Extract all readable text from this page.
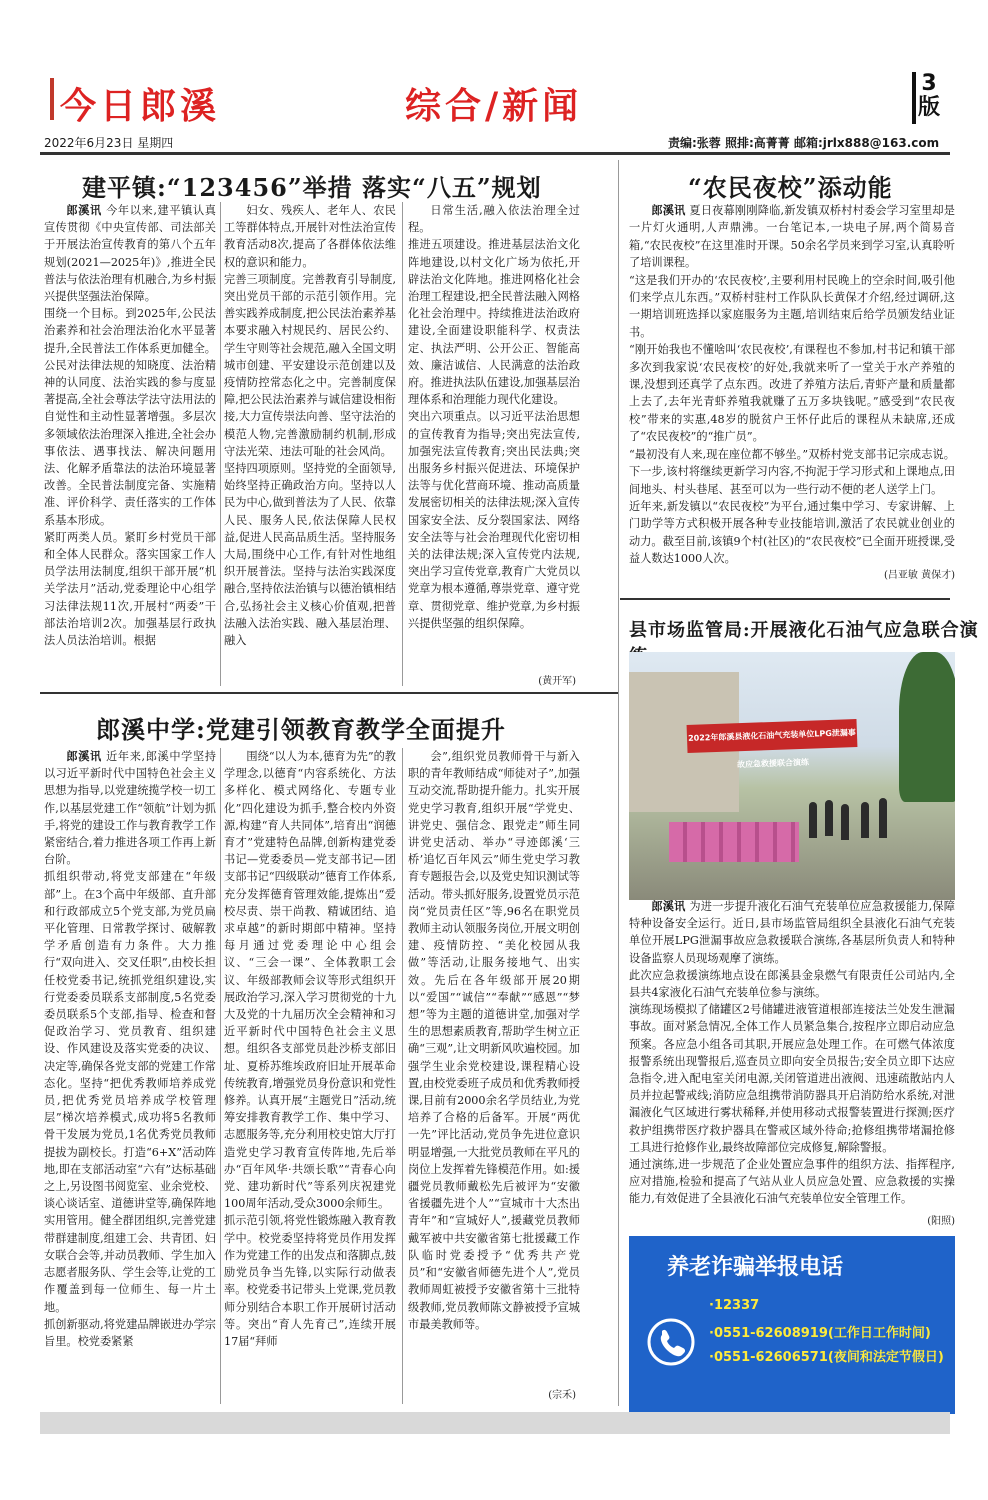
今日郎溪	综合/新闻
3
版
2022年6月23日 星期四	责编:张蓉 照排:高菁菁 邮箱:jrlx888@163.com
建平镇:“123456”举措 落实“八五”规划
郎溪讯 今年以来,建平镇认真宣传贯彻《中央宣传部、司法部关于开展法治宣传教育的第八个五年规划(2021—2025年)》,推进全民普法与依法治理有机融合,为乡村振兴提供坚强法治保障。
围绕一个目标。到2025年,公民法治素养和社会治理法治化水平显著提升,全民普法工作体系更加健全。公民对法律法规的知晓度、法治精神的认同度、法治实践的参与度显著提高,全社会尊法学法守法用法的自觉性和主动性显著增强。多层次多领域依法治理深入推进,全社会办事依法、遇事找法、解决问题用法、化解矛盾靠法的法治环境显著改善。全民普法制度完备、实施精准、评价科学、责任落实的工作体系基本形成。
紧盯两类人员。紧盯乡村党员干部和全体人民群众。落实国家工作人员学法用法制度,组织干部开展“机关学法月”活动,党委理论中心组学习法律法规11次,开展村“两委”干部法治培训2次。加强基层行政执法人员法治培训。根据
妇女、残疾人、老年人、农民工等群体特点,开展针对性法治宣传教育活动8次,提高了各群体依法维权的意识和能力。
完善三项制度。完善教育引导制度,突出党员干部的示范引领作用。完善实践养成制度,把公民法治素养基本要求融入村规民约、居民公约、学生守则等社会规范,融入全国文明城市创建、平安建设示范创建以及疫情防控常态化之中。完善制度保障,把公民法治素养与诚信建设相衔接,大力宣传崇法向善、坚守法治的模范人物,完善激励制约机制,形成守法光荣、违法可耻的社会风尚。
坚持四项原则。坚持党的全面领导,始终坚持正确政治方向。坚持以人民为中心,做到普法为了人民、依靠人民、服务人民,依法保障人民权益,促进人民高品质生活。坚持服务大局,围绕中心工作,有针对性地组织开展普法。坚持与法治实践深度融合,坚持依法治镇与以德治镇相结合,弘扬社会主义核心价值观,把普法融入法治实践、融入基层治理、融入
日常生活,融入依法治理全过程。
推进五项建设。推进基层法治文化阵地建设,以村文化广场为依托,开辟法治文化阵地。推进网格化社会治理工程建设,把全民普法融入网格化社会治理中。持续推进法治政府建设,全面建设职能科学、权责法定、执法严明、公开公正、智能高效、廉洁诚信、人民满意的法治政府。推进执法队伍建设,加强基层治理体系和治理能力现代化建设。
突出六项重点。以习近平法治思想的宣传教育为指导;突出宪法宣传,加强宪法宣传教育;突出民法典;突出服务乡村振兴促进法、环境保护法等与优化营商环境、推动高质量发展密切相关的法律法规;深入宣传国家安全法、反分裂国家法、网络安全法等与社会治理现代化密切相关的法律法规;深入宣传党内法规,突出学习宣传党章,教育广大党员以党章为根本遵循,尊崇党章、遵守党章、贯彻党章、维护党章,为乡村振兴提供坚强的组织保障。
(黄开军)
“农民夜校”添动能
郎溪讯 夏日夜幕刚刚降临,新发镇双桥村村委会学习室里却是一片灯火通明,人声鼎沸。一台笔记本,一块电子屏,两个简易音箱,“农民夜校”在这里准时开课。50余名学员来到学习室,认真聆听了培训课程。
“这是我们开办的‘农民夜校’,主要利用村民晚上的空余时间,吸引他们来学点儿东西。”双桥村驻村工作队队长黄保才介绍,经过调研,这一期培训班选择以家庭服务为主题,培训结束后给学员颁发结业证书。
“刚开始我也不懂啥叫‘农民夜校’,有课程也不参加,村书记和镇干部多次到我家说‘农民夜校’的好处,我就来听了一堂关于水产养殖的课,没想到还真学了点东西。改进了养殖方法后,青虾产量和质量都上去了,去年光青虾养殖我就赚了五万多块钱呢。”感受到“农民夜校”带来的实惠,48岁的脱贫户王怀仔此后的课程从未缺席,还成了“农民夜校”的“推广员”。
“最初没有人来,现在座位都不够坐。”双桥村党支部书记宗成志说。下一步,该村将继续更新学习内容,不拘泥于学习形式和上课地点,田间地头、村头巷尾、甚至可以为一些行动不便的老人送学上门。
近年来,新发镇以“农民夜校”为平台,通过集中学习、专家讲解、上门助学等方式积极开展各种专业技能培训,激活了农民就业创业的动力。截至目前,该镇9个村(社区)的“农民夜校”已全面开班授课,受益人数达1000人次。
(吕亚敏 黄保才)
县市场监管局:开展液化石油气应急联合演
2022年郎溪县液化石油气充装单位LPG泄漏事故应急救援联合演练
郎溪讯 为进一步提升液化石油气充装单位应急救援能力,保障特种设备安全运行。近日,县市场监管局组织全县液化石油气充装单位开展LPG泄漏事故应急救援联合演练,各基层所负责人和特种设备监察人员现场观摩了演练。
此次应急救援演练地点设在郎溪县金泉燃气有限责任公司站内,全县共4家液化石油气充装单位参与演练。
演练现场模拟了储罐区2号储罐进液管道根部连接法兰处发生泄漏事故。面对紧急情况,全体工作人员紧急集合,按程序立即启动应急预案。各应急小组各司其职,开展应急处理工作。在可燃气体浓度报警系统出现警报后,巡查员立即向安全员报告;安全员立即下达应急指令,进入配电室关闭电源,关闭管道进出液阀、迅速疏散站内人员并拉起警戒线;消防应急组携带消防器具开启消防给水系统,对泄漏液化气区域进行雾状稀释,并使用移动式报警装置进行探测;医疗救护组携带医疗救护器具在警戒区域外待命;抢修组携带堵漏抢修工具进行抢修作业,最终故障部位完成修复,解除警报。
通过演练,进一步规范了企业处置应急事件的组织方法、指挥程序,应对措施,检验和提高了气站从业人员应急处置、应急救援的实操能力,有效促进了全县液化石油气充装单位安全管理工作。
(阳照)
郎溪中学:党建引领教育教学全面提升
郎溪讯 近年来,郎溪中学坚持以习近平新时代中国特色社会主义思想为指导,以党建统揽学校一切工作,以基层党建工作“领航”计划为抓手,将党的建设工作与教育教学工作紧密结合,着力推进各项工作再上新台阶。
抓组织带动,将党支部建在“年级部”上。在3个高中年级部、直升部和行政部成立5个党支部,为党员扁平化管理、日常教学探讨、破解教学矛盾创造有力条件。大力推行“双向进入、交叉任职”,由校长担任校党委书记,统抓党组织建设,实行党委委员联系支部制度,5名党委委员联系5个支部,指导、检查和督促政治学习、党员教育、组织建设、作风建设及落实党委的决议、决定等,确保各党支部的党建工作常态化。坚持“把优秀教师培养成党员,把优秀党员培养成学校管理层”梯次培养模式,成功将5名教师骨干发展为党员,1名优秀党员教师提拔为副校长。打造“6+X”活动阵地,即在支部活动室“六有”达标基础之上,另设图书阅览室、业余党校、谈心谈话室、道德讲堂等,确保阵地实用管用。健全群团组织,完善党建带群建制度,组建工会、共青团、妇女联合会等,并动员教师、学生加入志愿者服务队、学生会等,让党的工作覆盖到每一位师生、每一片土地。
抓创新驱动,将党建品牌嵌进办学宗旨里。校党委紧紧
围绕“以人为本,德育为先”的教学理念,以德育“内容系统化、方法多样化、模式网络化、专题专业化”四化建设为抓手,整合校内外资源,构建“育人共同体”,培育出“润德育才”党建特色品牌,创新构建党委书记—党委委员—党支部书记—团支部书记“四级联动”德育工作体系,充分发挥德育管理效能,提炼出“爱校尽责、崇干尚教、精诚团结、追求卓越”的新时期郎中精神。坚持每月通过党委理论中心组会议、“三会一课”、全体教职工会议、年级部教师会议等形式组织开展政治学习,深入学习贯彻党的十九大及党的十九届历次全会精神和习近平新时代中国特色社会主义思想。组织各支部党员赴沙桥支部旧址、夏桥苏维埃政府旧址开展革命传统教育,增强党员身份意识和党性修养。认真开展“主题党日”活动,统筹安排教育教学工作、集中学习、志愿服务等,充分利用校史馆大厅打造党史学习教育宣传阵地,先后举办“百年风华·共颂长歌”“青春心向党、建功新时代”等系列庆祝建党100周年活动,受众3000余师生。
抓示范引领,将党性锻炼融入教育教学中。校党委坚持将党员作用发挥作为党建工作的出发点和落脚点,鼓励党员争当先锋,以实际行动做表率。校党委书记带头上党课,党员教师分别结合本职工作开展研讨活动等。突出“育人先育己”,连续开展17届“拜师
会”,组织党员教师骨干与新入职的青年教师结成“师徒对子”,加强互动交流,帮助提升能力。扎实开展党史学习教育,组织开展“学党史、讲党史、强信念、跟党走”师生同讲党史活动、举办“寻迹郎溪‘三桥’追忆百年风云”师生党史学习教育专题报告会,以及党史知识测试等活动。带头抓好服务,设置党员示范岗“党员责任区”等,96名在职党员教师主动认领服务岗位,开展文明创建、疫情防控、“美化校园从我做”等活动,让服务接地气、出实效。先后在各年级部开展20期以“爱国”“诚信”“奉献”“感恩”“梦想”等为主题的道德讲堂,加强对学生的思想素质教育,帮助学生树立正确“三观”,让文明新风吹遍校园。加强学生业余党校建设,课程精心设置,由校党委班子成员和优秀教师授课,目前有2000余名学员结业,为党培养了合格的后备军。开展“两优一先”评比活动,党员争先进位意识明显增强,一大批党员教师在平凡的岗位上发挥着先锋模范作用。如:援疆党员教师戴松先后被评为“安徽省援疆先进个人”“宣城市十大杰出青年”和“宣城好人”,援藏党员教师戴军被中共安徽省第七批援藏工作队临时党委授予“优秀共产党员”和“安徽省师德先进个人”,党员教师周虹被授予安徽省第十三批特级教师,党员教师陈文静被授予宣城市最美教师等。
(宗禾)
养老诈骗举报电话
·12337
·0551-62608919(工作日工作时间)
·0551-62606571(夜间和法定节假日)
